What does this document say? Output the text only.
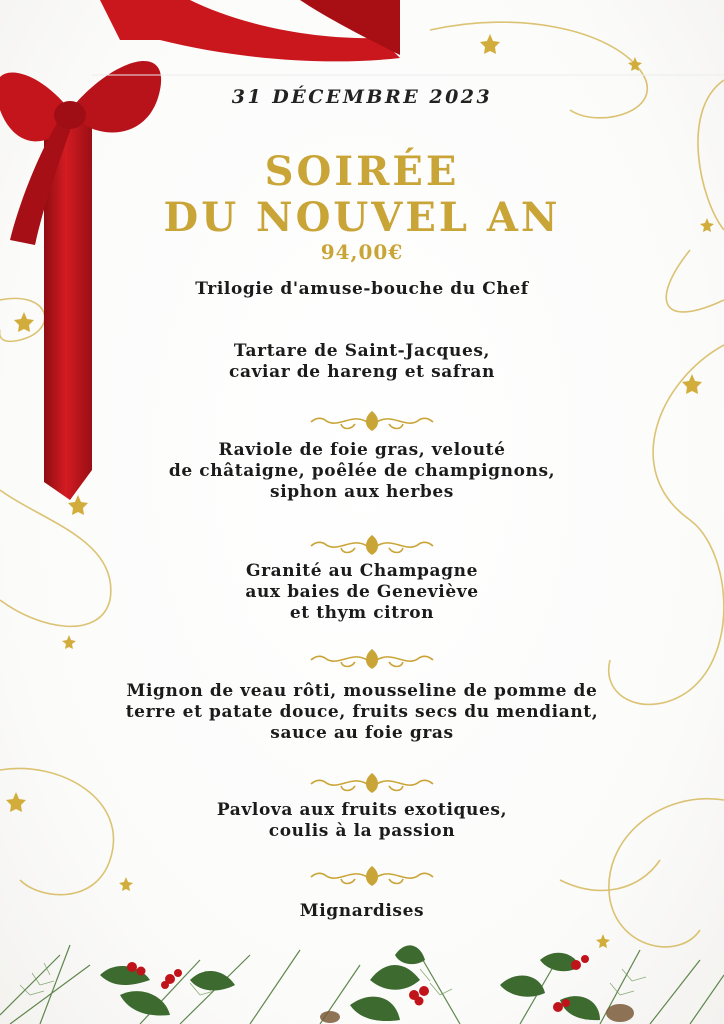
31 DÉCEMBRE 2023
SOIRÉE
DU NOUVEL AN
94,00€
Trilogie d'amuse-bouche du Chef
Tartare de Saint-Jacques,
caviar de hareng et safran
Raviole de foie gras, velouté
de châtaigne, poêlée de champignons,
siphon aux herbes
Granité au Champagne
aux baies de Geneviève
et thym citron
Mignon de veau rôti, mousseline de pomme de
terre et patate douce, fruits secs du mendiant,
sauce au foie gras
Pavlova aux fruits exotiques,
coulis à la passion
Mignardises
